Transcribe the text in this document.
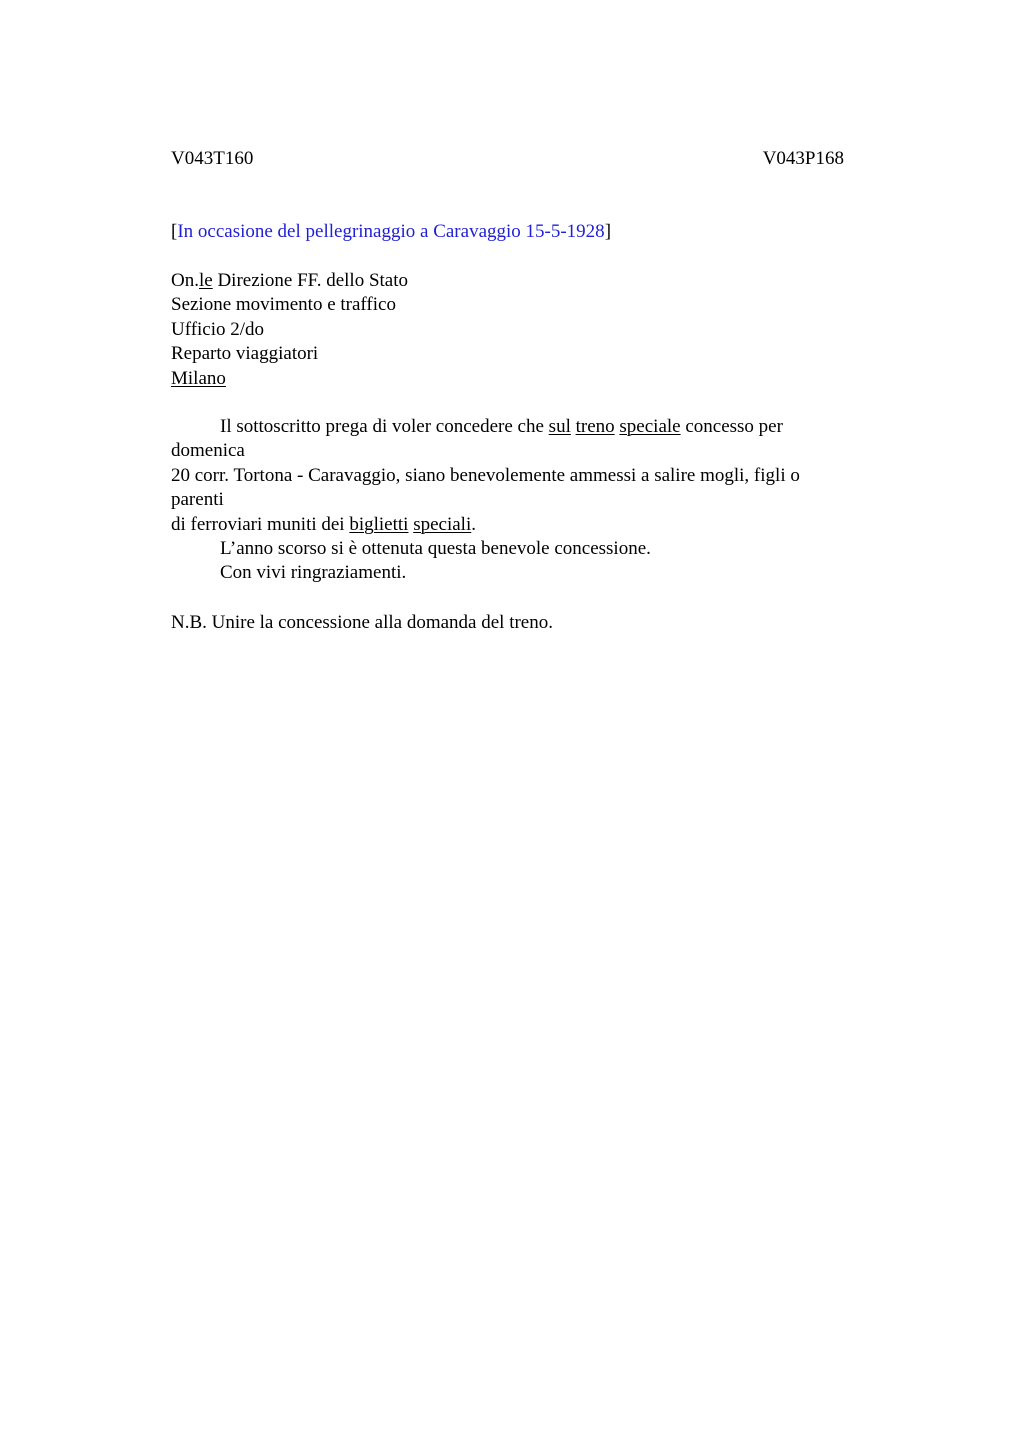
V043T160	V043P168
[In occasione del pellegrinaggio a Caravaggio 15-5-1928]
On.le Direzione FF. dello Stato
Sezione movimento e traffico
Ufficio 2/do
Reparto viaggiatori
Milano
Il sottoscritto prega di voler concedere che sul treno speciale concesso per
domenica
20 corr. Tortona - Caravaggio, siano benevolemente ammessi a salire mogli, figli o
parenti
di ferroviari muniti dei biglietti speciali.
L’anno scorso si è ottenuta questa benevole concessione.
Con vivi ringraziamenti.
N.B. Unire la concessione alla domanda del treno.
